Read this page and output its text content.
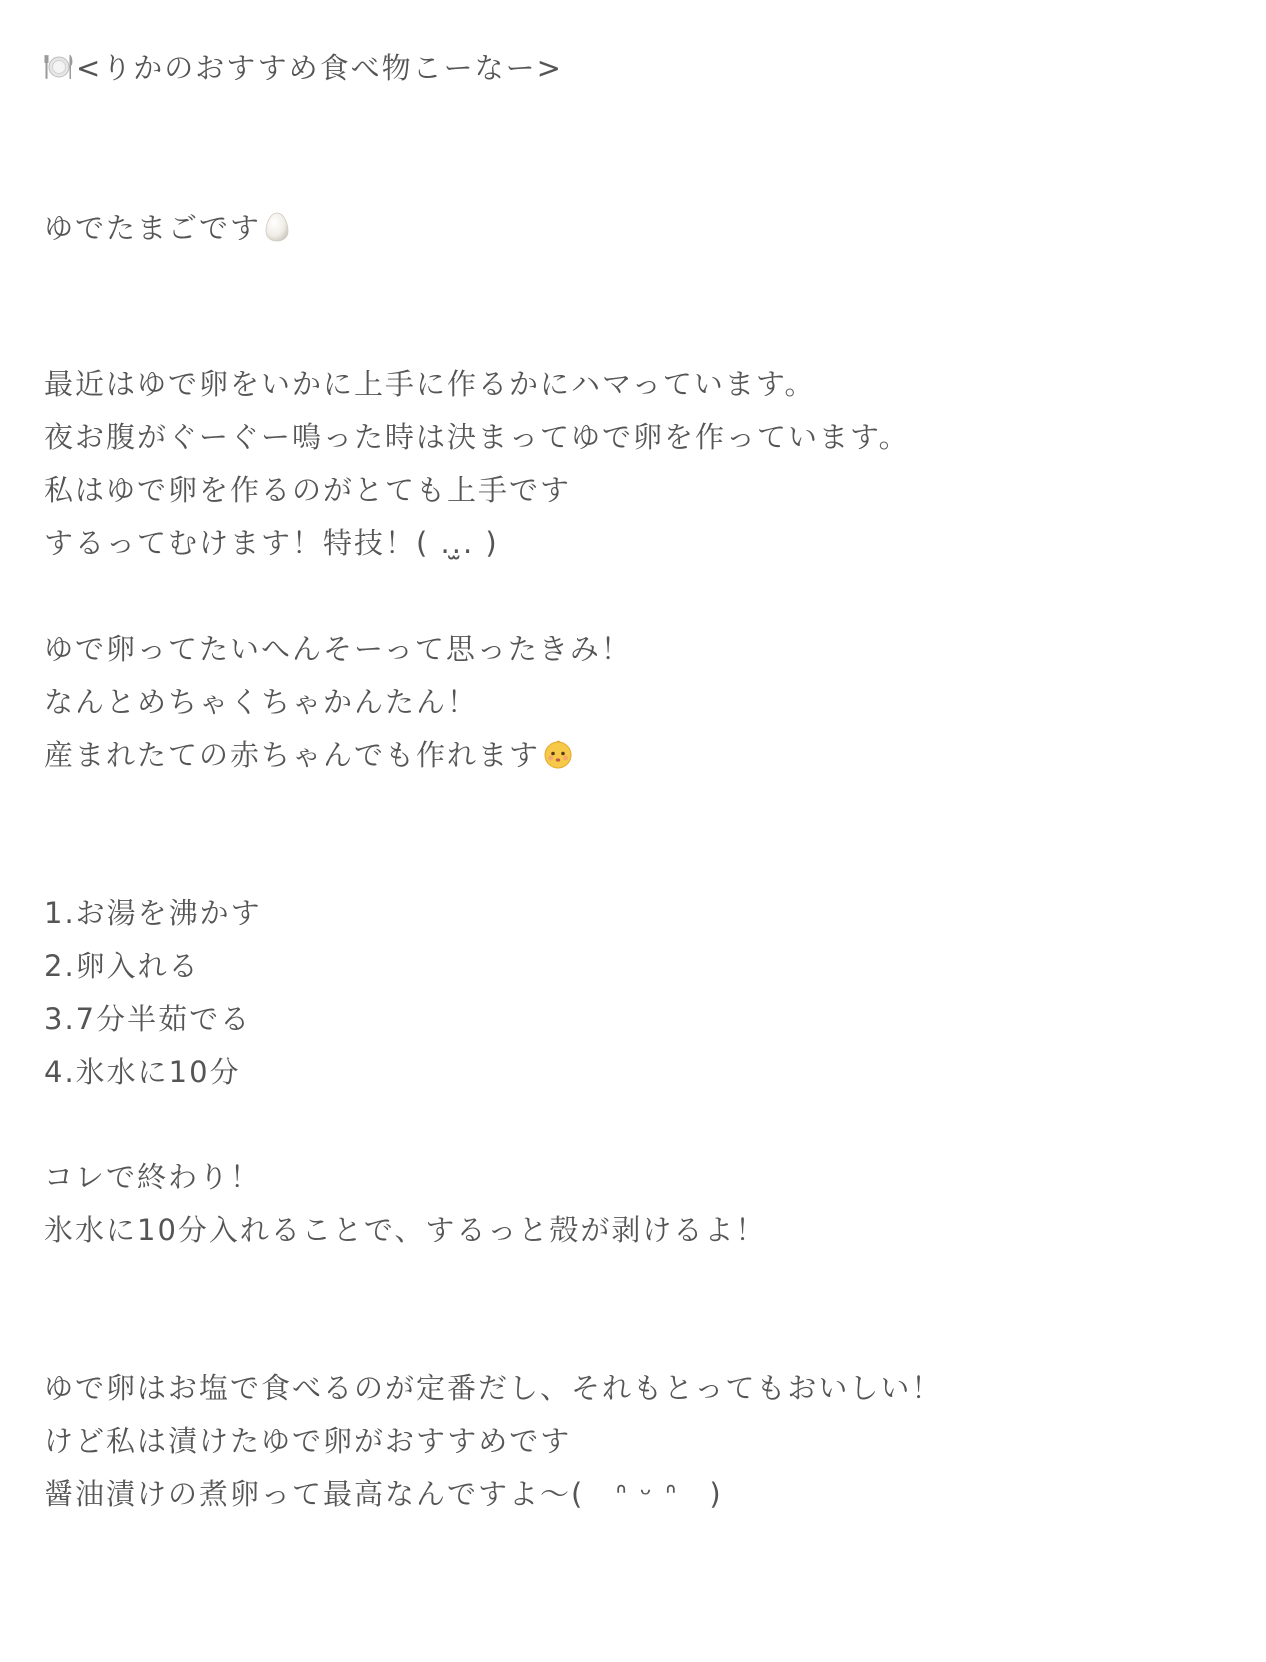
<りかのおすすめ食べ物こーなー>
ゆでたまごです
最近はゆで卵をいかに上手に作るかにハマっています。
夜お腹がぐーぐー鳴った時は決まってゆで卵を作っています。
私はゆで卵を作るのがとても上手です
するってむけます！特技！( ..̫. )
ゆで卵ってたいへんそーって思ったきみ！
なんとめちゃくちゃかんたん！
産まれたての赤ちゃんでも作れます
1.お湯を沸かす
2.卵入れる
3.7分半茹でる
4.氷水に10分
コレで終わり！
氷水に10分入れることで、するっと殻が剥けるよ！
ゆで卵はお塩で食べるのが定番だし、それもとってもおいしい！
けど私は漬けたゆで卵がおすすめです
醤油漬けの煮卵って最高なんですよ〜(　ᐢ ᵕ ᐢ　)
